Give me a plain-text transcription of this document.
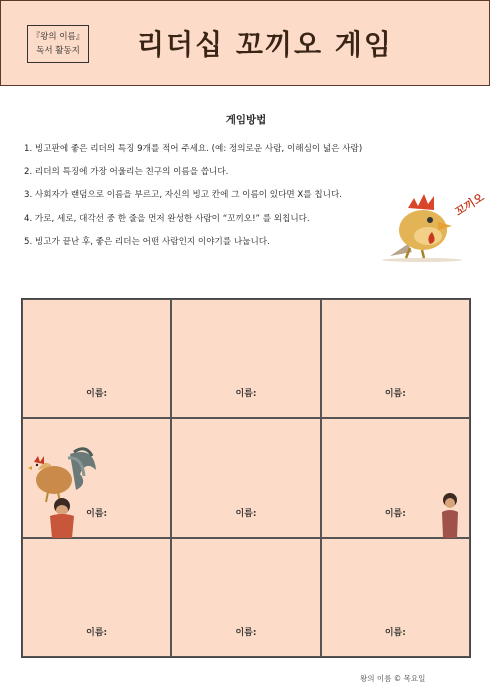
『왕의 이름』
독서 활동지 리더십 꼬끼오 게임
게임방법
1. 빙고판에 좋은 리더의 특징 9개를 적어 주세요. (예: 정의로운 사람, 이해심이 넓은 사람)
2. 리더의 특징에 가장 어울리는 친구의 이름을 씁니다.
3. 사회자가 랜덤으로 이름을 부르고, 자신의 빙고 칸에 그 이름이 있다면 X를 칩니다.
4. 가로, 세로, 대각선 중 한 줄을 먼저 완성한 사람이 “꼬끼오!” 를 외칩니다.
5. 빙고가 끝난 후, 좋은 리더는 어떤 사람인지 이야기를 나눕니다.
꼬끼오
이름:	이름:	이름:
이름:	이름:	이름:
이름:	이름:	이름:
왕의 이름 © 목요일
